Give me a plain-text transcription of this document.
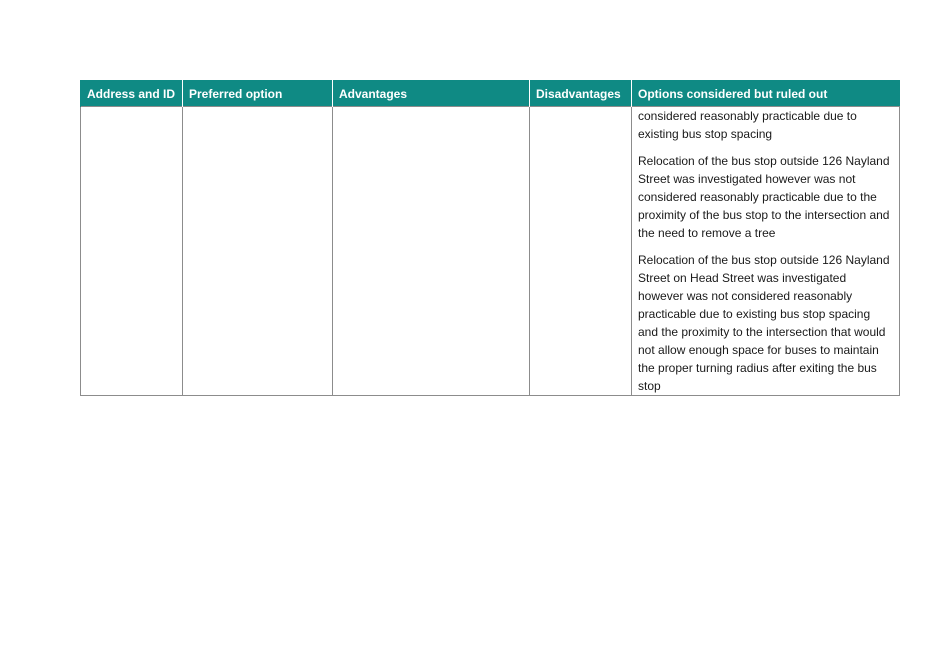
Address and ID	Preferred option	Advantages	Disadvantages	Options considered but ruled out

				considered reasonably practicable due to existing bus stop spacing

Relocation of the bus stop outside 126 Nayland Street was investigated however was not considered reasonably practicable due to the proximity of the bus stop to the intersection and the need to remove a tree

Relocation of the bus stop outside 126 Nayland Street on Head Street was investigated however was not considered reasonably practicable due to existing bus stop spacing and the proximity to the intersection that would not allow enough space for buses to maintain the proper turning radius after exiting the bus stop
